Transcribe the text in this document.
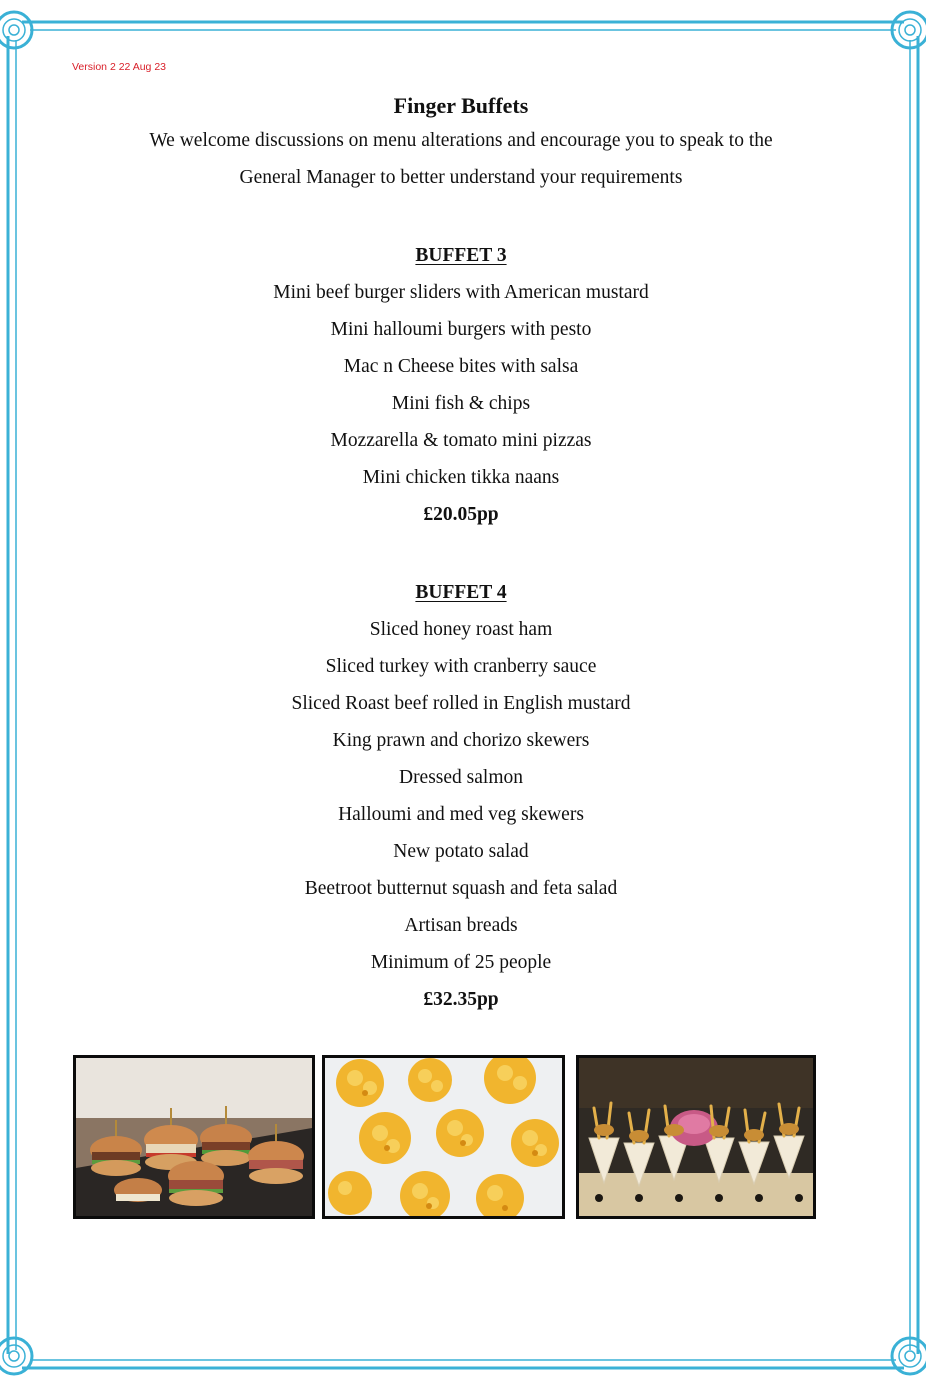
Version 2 22 Aug 23
Finger Buffets
We welcome discussions on menu alterations and encourage you to speak to the
General Manager to better understand your requirements
BUFFET 3
Mini beef burger sliders with American mustard
Mini halloumi burgers with pesto
Mac n Cheese bites with salsa
Mini fish & chips
Mozzarella & tomato mini pizzas
Mini chicken tikka naans
£20.05pp
BUFFET 4
Sliced honey roast ham
Sliced turkey with cranberry sauce
Sliced Roast beef rolled in English mustard
King prawn and chorizo skewers
Dressed salmon
Halloumi and med veg skewers
New potato salad
Beetroot butternut squash and feta salad
Artisan breads
Minimum of 25 people
£32.35pp
